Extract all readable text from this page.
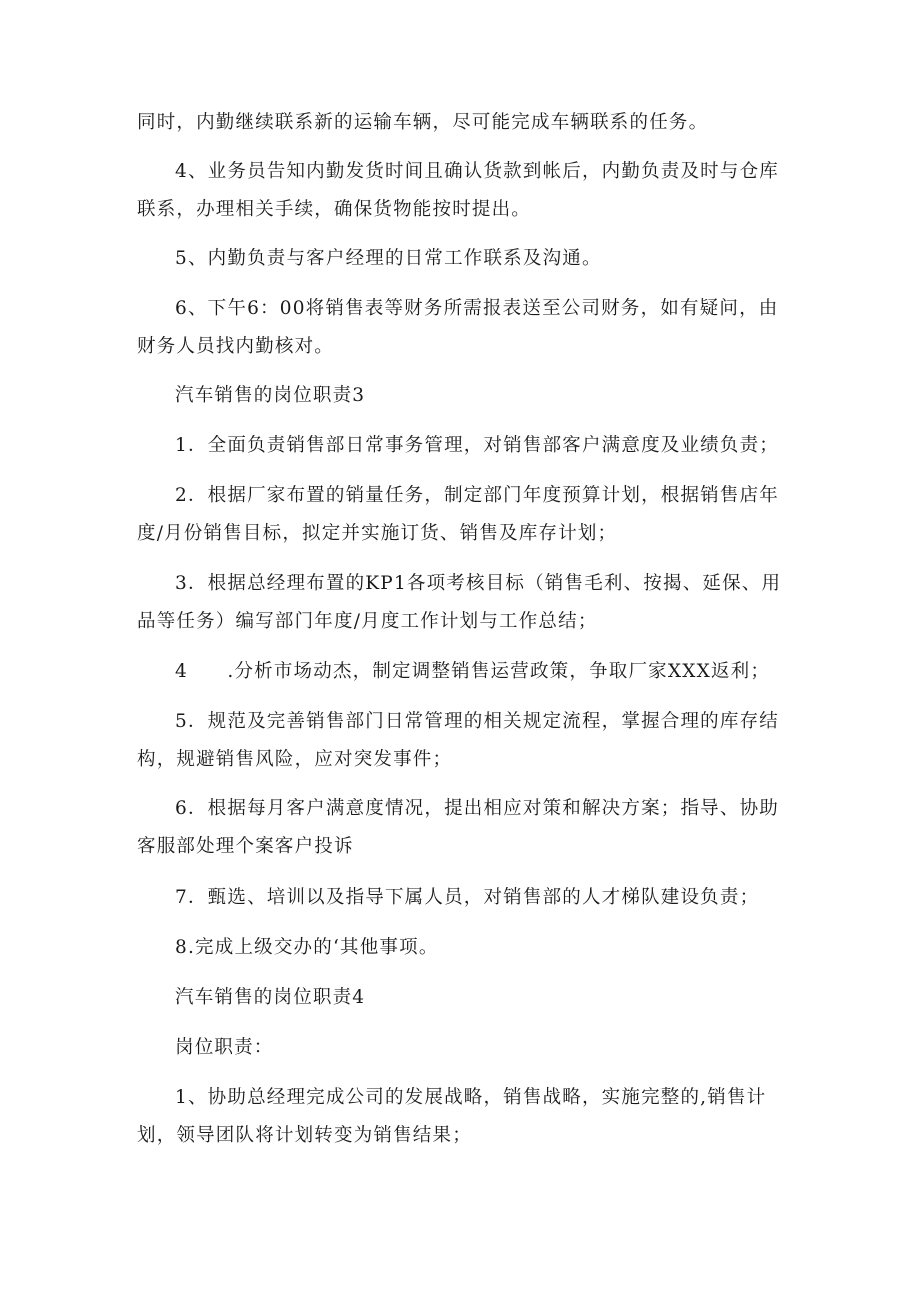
同时，内勤继续联系新的运输车辆，尽可能完成车辆联系的任务。
4、业务员告知内勤发货时间且确认货款到帐后，内勤负责及时与仓库
联系，办理相关手续，确保货物能按时提出。
5、内勤负责与客户经理的日常工作联系及沟通。
6、下午6：00将销售表等财务所需报表送至公司财务，如有疑问，由
财务人员找内勤核对。
汽车销售的岗位职责3
1．全面负责销售部日常事务管理，对销售部客户满意度及业绩负责；
2．根据厂家布置的销量任务，制定部门年度预算计划，根据销售店年
度/月份销售目标，拟定并实施订货、销售及库存计划；
3．根据总经理布置的KP1各项考核目标（销售毛利、按揭、延保、用
品等任务）编写部门年度/月度工作计划与工作总结；
4　　.分析市场动杰，制定调整销售运营政策，争取厂家XXX返利；
5．规范及完善销售部门日常管理的相关规定流程，掌握合理的库存结
构，规避销售风险，应对突发事件；
6．根据每月客户满意度情况，提出相应对策和解决方案；指导、协助
客服部处理个案客户投诉
7．甄选、培训以及指导下属人员，对销售部的人才梯队建设负责；
8.完成上级交办的‘其他事项。
汽车销售的岗位职责4
岗位职责：
1、协助总经理完成公司的发展战略，销售战略，实施完整的,销售计
划，领导团队将计划转变为销售结果；
